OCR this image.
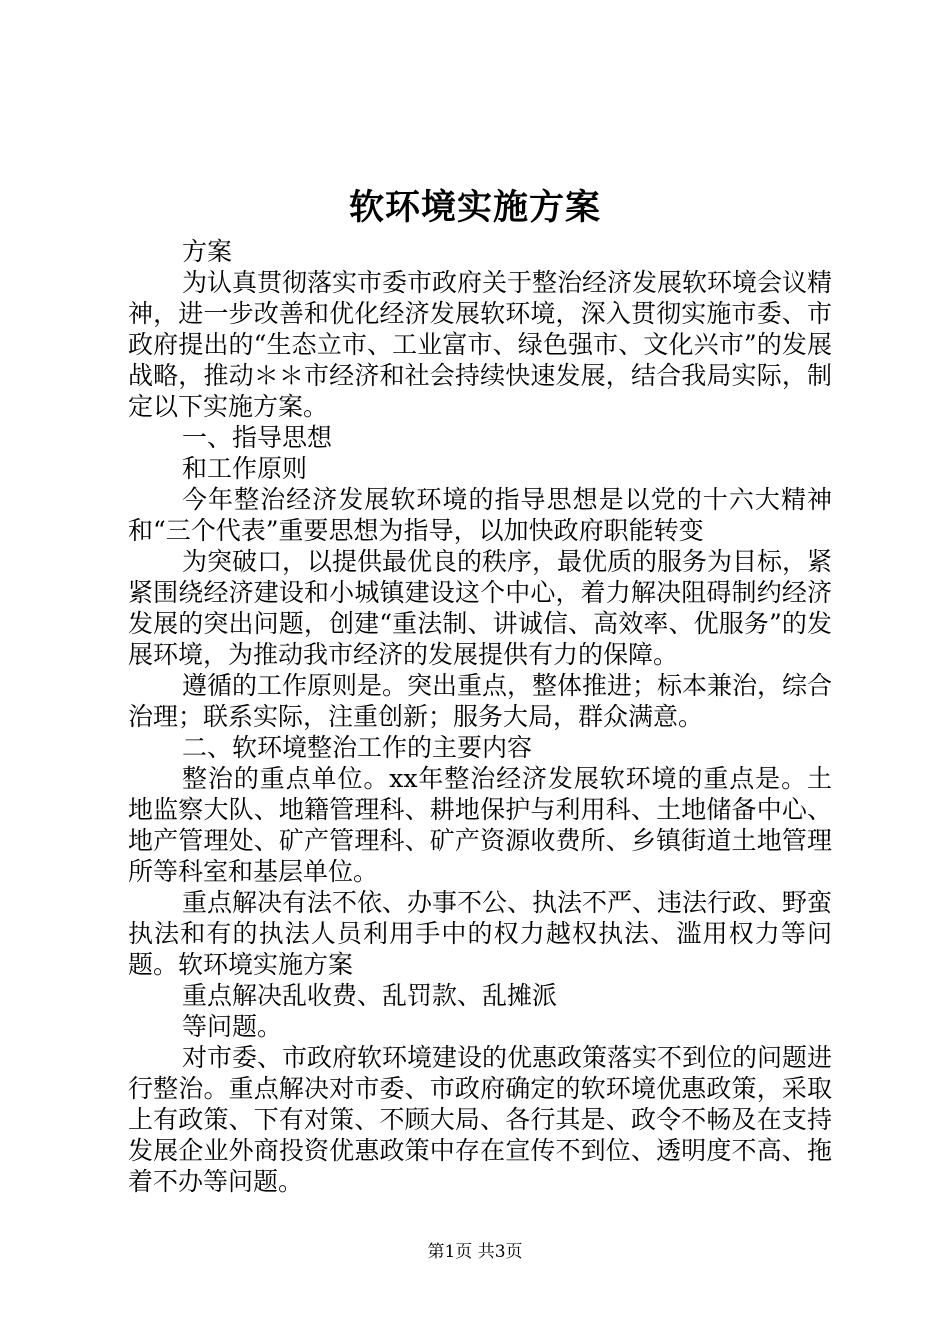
软环境实施方案

方案

为认真贯彻落实市委市政府关于整治经济发展软环境会议精神，进一步改善和优化经济发展软环境，深入贯彻实施市委、市政府提出的“生态立市、工业富市、绿色强市、文化兴市”的发展战略，推动＊＊市经济和社会持续快速发展，结合我局实际，制定以下实施方案。

一、指导思想

和工作原则

今年整治经济发展软环境的指导思想是以党的十六大精神和“三个代表”重要思想为指导，以加快政府职能转变

为突破口，以提供最优良的秩序，最优质的服务为目标，紧紧围绕经济建设和小城镇建设这个中心，着力解决阻碍制约经济发展的突出问题，创建“重法制、讲诚信、高效率、优服务”的发展环境，为推动我市经济的发展提供有力的保障。

遵循的工作原则是。突出重点，整体推进；标本兼治，综合治理；联系实际，注重创新；服务大局，群众满意。

二、软环境整治工作的主要内容

整治的重点单位。xx年整治经济发展软环境的重点是。土地监察大队、地籍管理科、耕地保护与利用科、土地储备中心、地产管理处、矿产管理科、矿产资源收费所、乡镇街道土地管理所等科室和基层单位。

重点解决有法不依、办事不公、执法不严、违法行政、野蛮执法和有的执法人员利用手中的权力越权执法、滥用权力等问题。软环境实施方案

重点解决乱收费、乱罚款、乱摊派

等问题。

对市委、市政府软环境建设的优惠政策落实不到位的问题进行整治。重点解决对市委、市政府确定的软环境优惠政策，采取上有政策、下有对策、不顾大局、各行其是、政令不畅及在支持发展企业外商投资优惠政策中存在宣传不到位、透明度不高、拖着不办等问题。

第1页 共3页
